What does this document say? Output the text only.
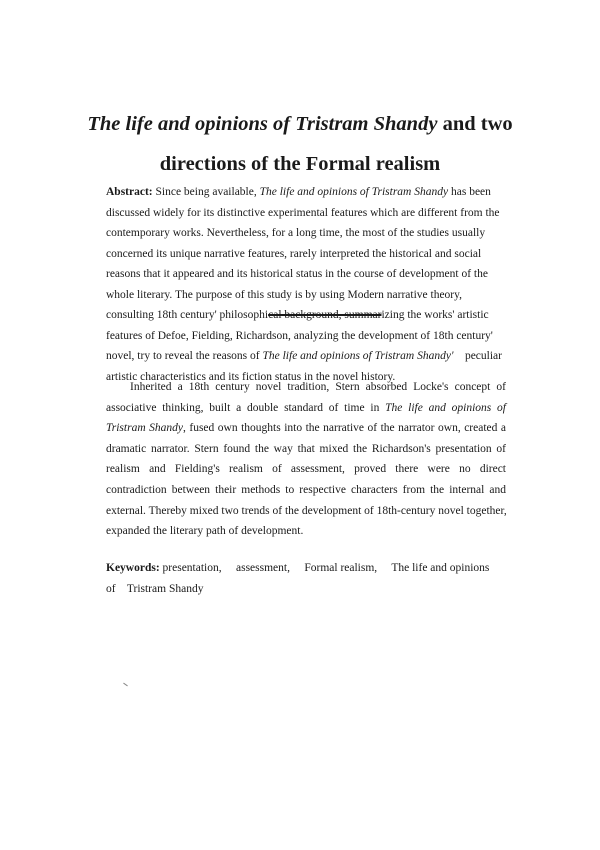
The life and opinions of Tristram Shandy and two
directions of the Formal realism
Abstract: Since being available, The life and opinions of Tristram Shandy has been
discussed widely for its distinctive experimental features which are different from the
contemporary works. Nevertheless, for a long time, the most of the studies usually
concerned its unique narrative features, rarely interpreted the historical and social
reasons that it appeared and its historical status in the course of development of the
whole literary. The purpose of this study is by using Modern narrative theory,
consulting 18th century' philosophical background, summarizing the works' artistic
features of Defoe, Fielding, Richardson, analyzing the development of 18th century'
novel, try to reveal the reasons of The life and opinions of Tristram Shandy'    peculiar
artistic characteristics and its fiction status in the novel history.
Inherited a 18th century novel tradition, Stern absorbed Locke's concept of
associative thinking, built a double standard of time in The life and opinions of
Tristram Shandy, fused own thoughts into the narrative of the narrator own, created a
dramatic narrator. Stern found the way that mixed the Richardson's presentation of
realism and Fielding's realism of assessment, proved there were no direct
contradiction between their methods to respective characters from the internal and
external. Thereby mixed two trends of the development of 18th-century novel together,
expanded the literary path of development.
Keywords: presentation,     assessment,     Formal realism,     The life and opinions
of    Tristram Shandy
